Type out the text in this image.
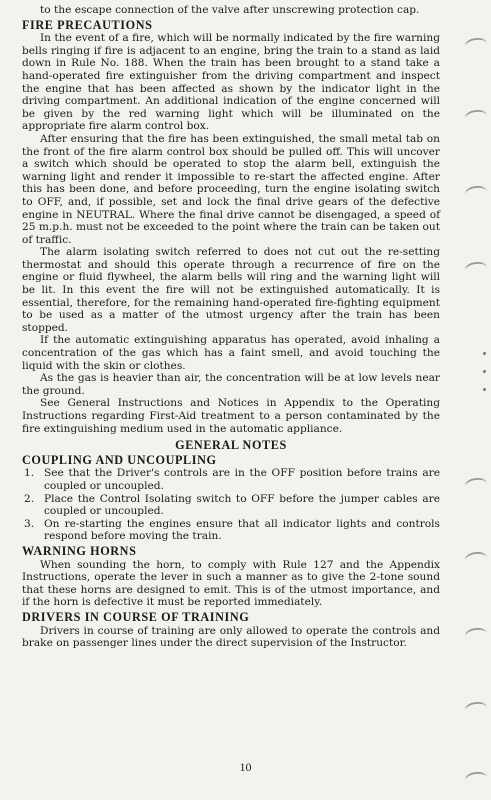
to the escape connection of the valve after unscrewing protection cap.

FIRE PRECAUTIONS

In the event of a fire, which will be normally indicated by the fire warning bells ringing if fire is adjacent to an engine, bring the train to a stand as laid down in Rule No. 188. When the train has been brought to a stand take a hand-operated fire extinguisher from the driving compartment and inspect the engine that has been affected as shown by the indicator light in the driving compartment. An additional indication of the engine concerned will be given by the red warning light which will be illuminated on the appropriate fire alarm control box.

After ensuring that the fire has been extinguished, the small metal tab on the front of the fire alarm control box should be pulled off. This will uncover a switch which should be operated to stop the alarm bell, extinguish the warning light and render it impossible to re-start the affected engine. After this has been done, and before proceeding, turn the engine isolating switch to OFF, and, if possible, set and lock the final drive gears of the defective engine in NEUTRAL. Where the final drive cannot be disengaged, a speed of 25 m.p.h. must not be exceeded to the point where the train can be taken out of traffic.

The alarm isolating switch referred to does not cut out the re-setting thermostat and should this operate through a recurrence of fire on the engine or fluid flywheel, the alarm bells will ring and the warning light will be lit. In this event the fire will not be extinguished automatically. It is essential, therefore, for the remaining hand-operated fire-fighting equipment to be used as a matter of the utmost urgency after the train has been stopped.

If the automatic extinguishing apparatus has operated, avoid inhaling a concentration of the gas which has a faint smell, and avoid touching the liquid with the skin or clothes.

As the gas is heavier than air, the concentration will be at low levels near the ground.

See General Instructions and Notices in Appendix to the Operating Instructions regarding First-Aid treatment to a person contaminated by the fire extinguishing medium used in the automatic appliance.

GENERAL NOTES
COUPLING AND UNCOUPLING
1. See that the Driver's controls are in the OFF position before trains are coupled or uncoupled.
2. Place the Control Isolating switch to OFF before the jumper cables are coupled or uncoupled.
3. On re-starting the engines ensure that all indicator lights and controls respond before moving the train.
WARNING HORNS

When sounding the horn, to comply with Rule 127 and the Appendix Instructions, operate the lever in such a manner as to give the 2-tone sound that these horns are designed to emit. This is of the utmost importance, and if the horn is defective it must be reported immediately.

DRIVERS IN COURSE OF TRAINING

Drivers in course of training are only allowed to operate the controls and brake on passenger lines under the direct supervision of the Instructor.

10
